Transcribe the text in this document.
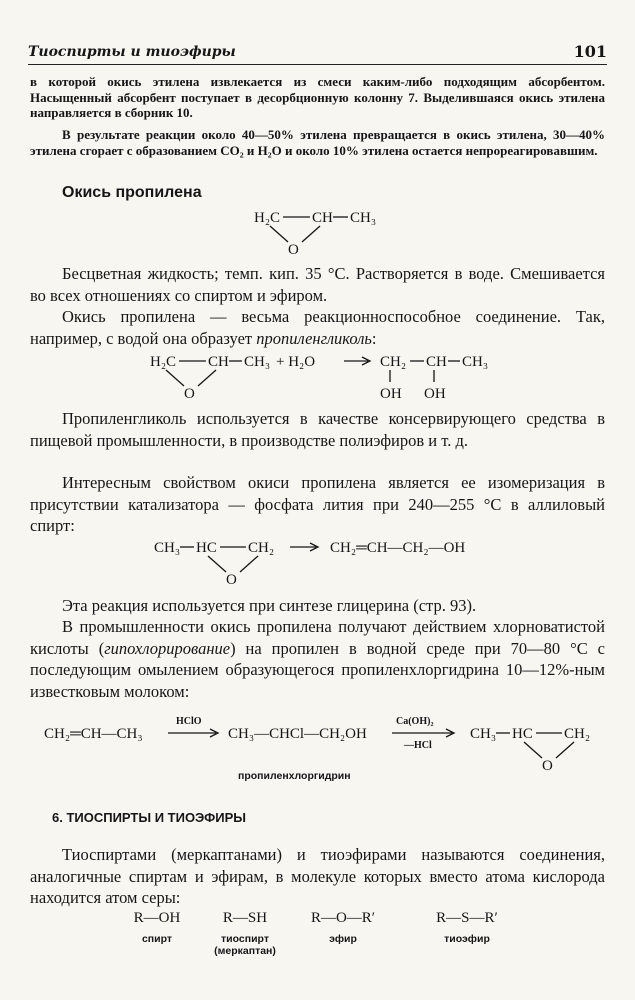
Тиоспирты и тиоэфиры	101

в которой окись этилена извлекается из смеси каким-либо подходящим абсорбентом. Насыщенный абсорбент поступает в десорбционную колонну 7. Выделившаяся окись этилена направляется в сборник 10.

В результате реакции около 40—50% этилена превращается в окись этилена, 30—40% этилена сгорает с образованием CO₂ и H₂O и около 10% этилена остается непрореагировавшим.

Окись пропилена
H₂C CH CH₃
O

Бесцветная жидкость; темп. кип. 35 °С. Растворяется в воде. Смешивается во всех отношениях со спиртом и эфиром.

Окись пропилена — весьма реакционноспособное соединение. Так, например, с водой она образует пропиленгликоль:

H₂C CH CH₃ + H₂O
O
CH₂ CH CH₃
OH OH

Пропиленгликоль используется в качестве консервирующего средства в пищевой промышленности, в производстве полиэфиров и т. д.

Интересным свойством окиси пропилена является ее изомеризация в присутствии катализатора — фосфата лития при 240—255 °С в аллиловый спирт:

CH₃ HC CH₂
O
CH₂═CH—CH₂—OH

Эта реакция используется при синтезе глицерина (стр. 93).

В промышленности окись пропилена получают действием хлорноватистой кислоты (гипохлорирование) на пропилен в водной среде при 70—80 °С с последующим омылением образующегося пропиленхлоргидрина 10—12%-ным известковым молоком:

CH₂═CH—CH₃
HClO
CH₃—CHCl—CH₂OH
Ca(OH)₂
—HCl
CH₃ HC CH₂
O
пропиленхлоргидрин
6. ТИОСПИРТЫ И ТИОЭФИРЫ

Тиоспиртами (меркаптанами) и тиоэфирами называются соединения, аналогичные спиртам и эфирам, в молекуле которых вместо атома кислорода находится атом серы:

R—OH
спирт
R—SH
тиоспирт
(меркаптан)
R—O—R′
эфир
R—S—R′
тиоэфир
